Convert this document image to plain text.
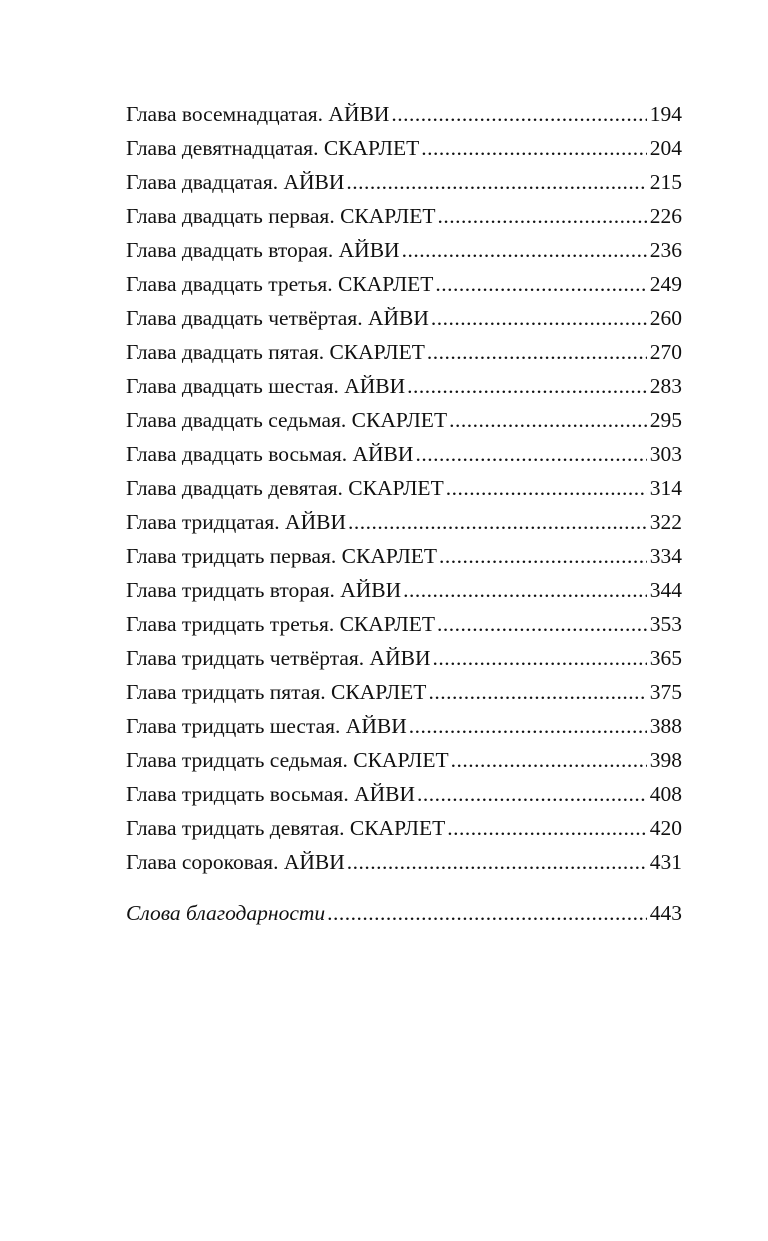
Глава восемнадцатая. АЙВИ .....	194
Глава девятнадцатая. СКАРЛЕТ .....	204
Глава двадцатая. АЙВИ .....	215
Глава двадцать первая. СКАРЛЕТ .....	226
Глава двадцать вторая. АЙВИ .....	236
Глава двадцать третья. СКАРЛЕТ .....	249
Глава двадцать четвёртая. АЙВИ .....	260
Глава двадцать пятая. СКАРЛЕТ .....	270
Глава двадцать шестая. АЙВИ .....	283
Глава двадцать седьмая. СКАРЛЕТ .....	295
Глава двадцать восьмая. АЙВИ .....	303
Глава двадцать девятая. СКАРЛЕТ .....	314
Глава тридцатая. АЙВИ .....	322
Глава тридцать первая. СКАРЛЕТ .....	334
Глава тридцать вторая. АЙВИ .....	344
Глава тридцать третья. СКАРЛЕТ .....	353
Глава тридцать четвёртая. АЙВИ .....	365
Глава тридцать пятая. СКАРЛЕТ .....	375
Глава тридцать шестая. АЙВИ .....	388
Глава тридцать седьмая. СКАРЛЕТ .....	398
Глава тридцать восьмая. АЙВИ .....	408
Глава тридцать девятая. СКАРЛЕТ .....	420
Глава сороковая. АЙВИ .....	431
Слова благодарности .....	443
